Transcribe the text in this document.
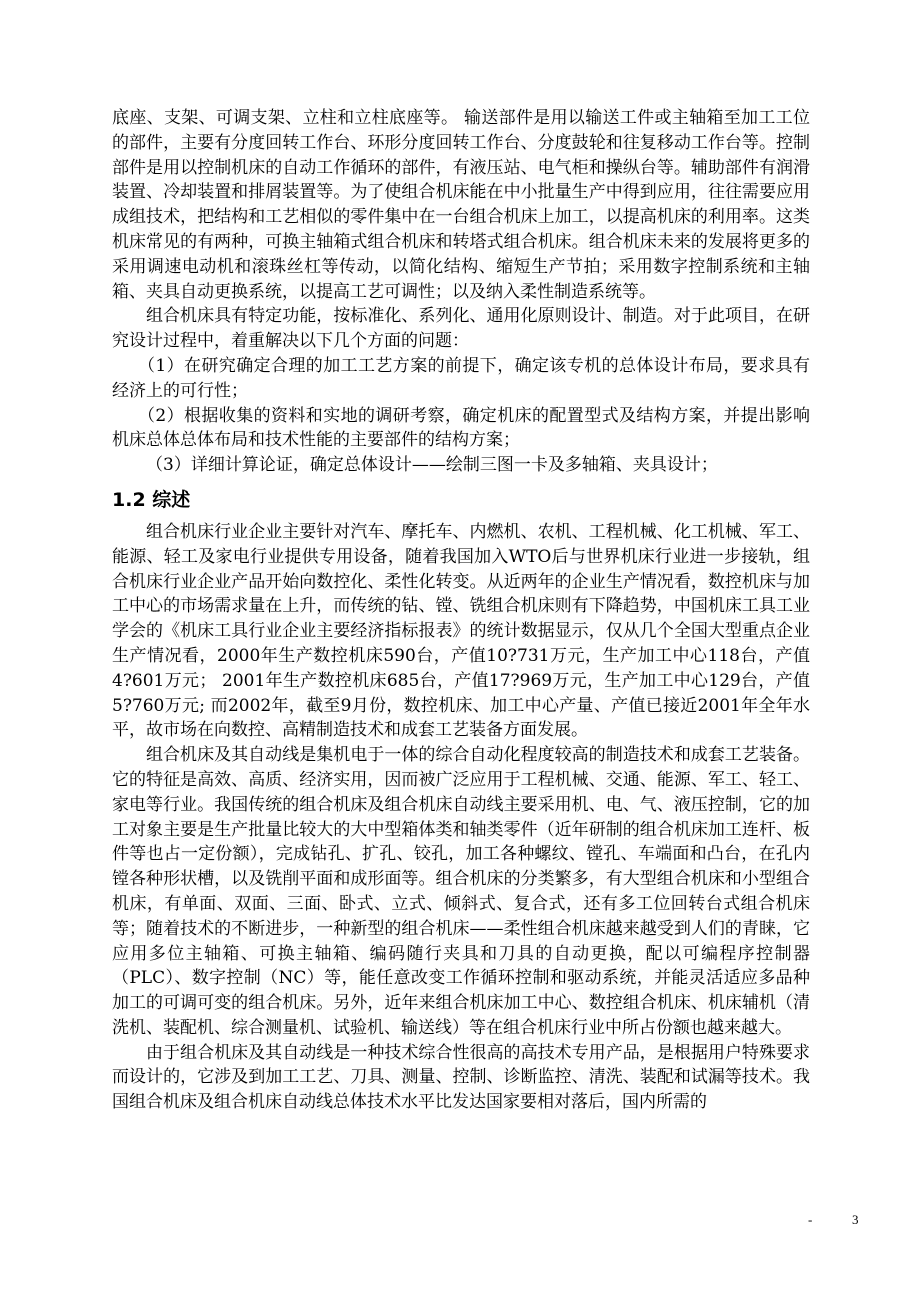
底座、支架、可调支架、立柱和立柱底座等。 输送部件是用以输送工件或主轴箱至加工工位的部件，主要有分度回转工作台、环形分度回转工作台、分度鼓轮和往复移动工作台等。控制部件是用以控制机床的自动工作循环的部件，有液压站、电气柜和操纵台等。辅助部件有润滑装置、冷却装置和排屑装置等。为了使组合机床能在中小批量生产中得到应用，往往需要应用成组技术，把结构和工艺相似的零件集中在一台组合机床上加工，以提高机床的利用率。这类机床常见的有两种，可换主轴箱式组合机床和转塔式组合机床。组合机床未来的发展将更多的采用调速电动机和滚珠丝杠等传动，以简化结构、缩短生产节拍；采用数字控制系统和主轴箱、夹具自动更换系统，以提高工艺可调性；以及纳入柔性制造系统等。

组合机床具有特定功能，按标准化、系列化、通用化原则设计、制造。对于此项目，在研究设计过程中，着重解决以下几个方面的问题：

（1）在研究确定合理的加工工艺方案的前提下，确定该专机的总体设计布局，要求具有经济上的可行性；

（2）根据收集的资料和实地的调研考察，确定机床的配置型式及结构方案，并提出影响机床总体总体布局和技术性能的主要部件的结构方案；

（3）详细计算论证，确定总体设计——绘制三图一卡及多轴箱、夹具设计；

1.2 综述

组合机床行业企业主要针对汽车、摩托车、内燃机、农机、工程机械、化工机械、军工、能源、轻工及家电行业提供专用设备，随着我国加入WTO后与世界机床行业进一步接轨，组合机床行业企业产品开始向数控化、柔性化转变。从近两年的企业生产情况看，数控机床与加工中心的市场需求量在上升，而传统的钻、镗、铣组合机床则有下降趋势，中国机床工具工业学会的《机床工具行业企业主要经济指标报表》的统计数据显示，仅从几个全国大型重点企业生产情况看，2000年生产数控机床590台，产值10?731万元，生产加工中心118台，产值4?601万元； 2001年生产数控机床685台，产值17?969万元，生产加工中心129台，产值5?760万元; 而2002年，截至9月份，数控机床、加工中心产量、产值已接近2001年全年水平，故市场在向数控、高精制造技术和成套工艺装备方面发展。

组合机床及其自动线是集机电于一体的综合自动化程度较高的制造技术和成套工艺装备。它的特征是高效、高质、经济实用，因而被广泛应用于工程机械、交通、能源、军工、轻工、家电等行业。我国传统的组合机床及组合机床自动线主要采用机、电、气、液压控制，它的加工对象主要是生产批量比较大的大中型箱体类和轴类零件（近年研制的组合机床加工连杆、板件等也占一定份额），完成钻孔、扩孔、铰孔，加工各种螺纹、镗孔、车端面和凸台，在孔内镗各种形状槽，以及铣削平面和成形面等。组合机床的分类繁多，有大型组合机床和小型组合机床，有单面、双面、三面、卧式、立式、倾斜式、复合式，还有多工位回转台式组合机床等；随着技术的不断进步，一种新型的组合机床——柔性组合机床越来越受到人们的青睐，它应用多位主轴箱、可换主轴箱、编码随行夹具和刀具的自动更换，配以可编程序控制器（PLC）、数字控制（NC）等，能任意改变工作循环控制和驱动系统，并能灵活适应多品种加工的可调可变的组合机床。另外，近年来组合机床加工中心、数控组合机床、机床辅机（清洗机、装配机、综合测量机、试验机、输送线）等在组合机床行业中所占份额也越来越大。

由于组合机床及其自动线是一种技术综合性很高的高技术专用产品，是根据用户特殊要求而设计的，它涉及到加工工艺、刀具、测量、控制、诊断监控、清洗、装配和试漏等技术。我国组合机床及组合机床自动线总体技术水平比发达国家要相对落后，国内所需的

-	3
